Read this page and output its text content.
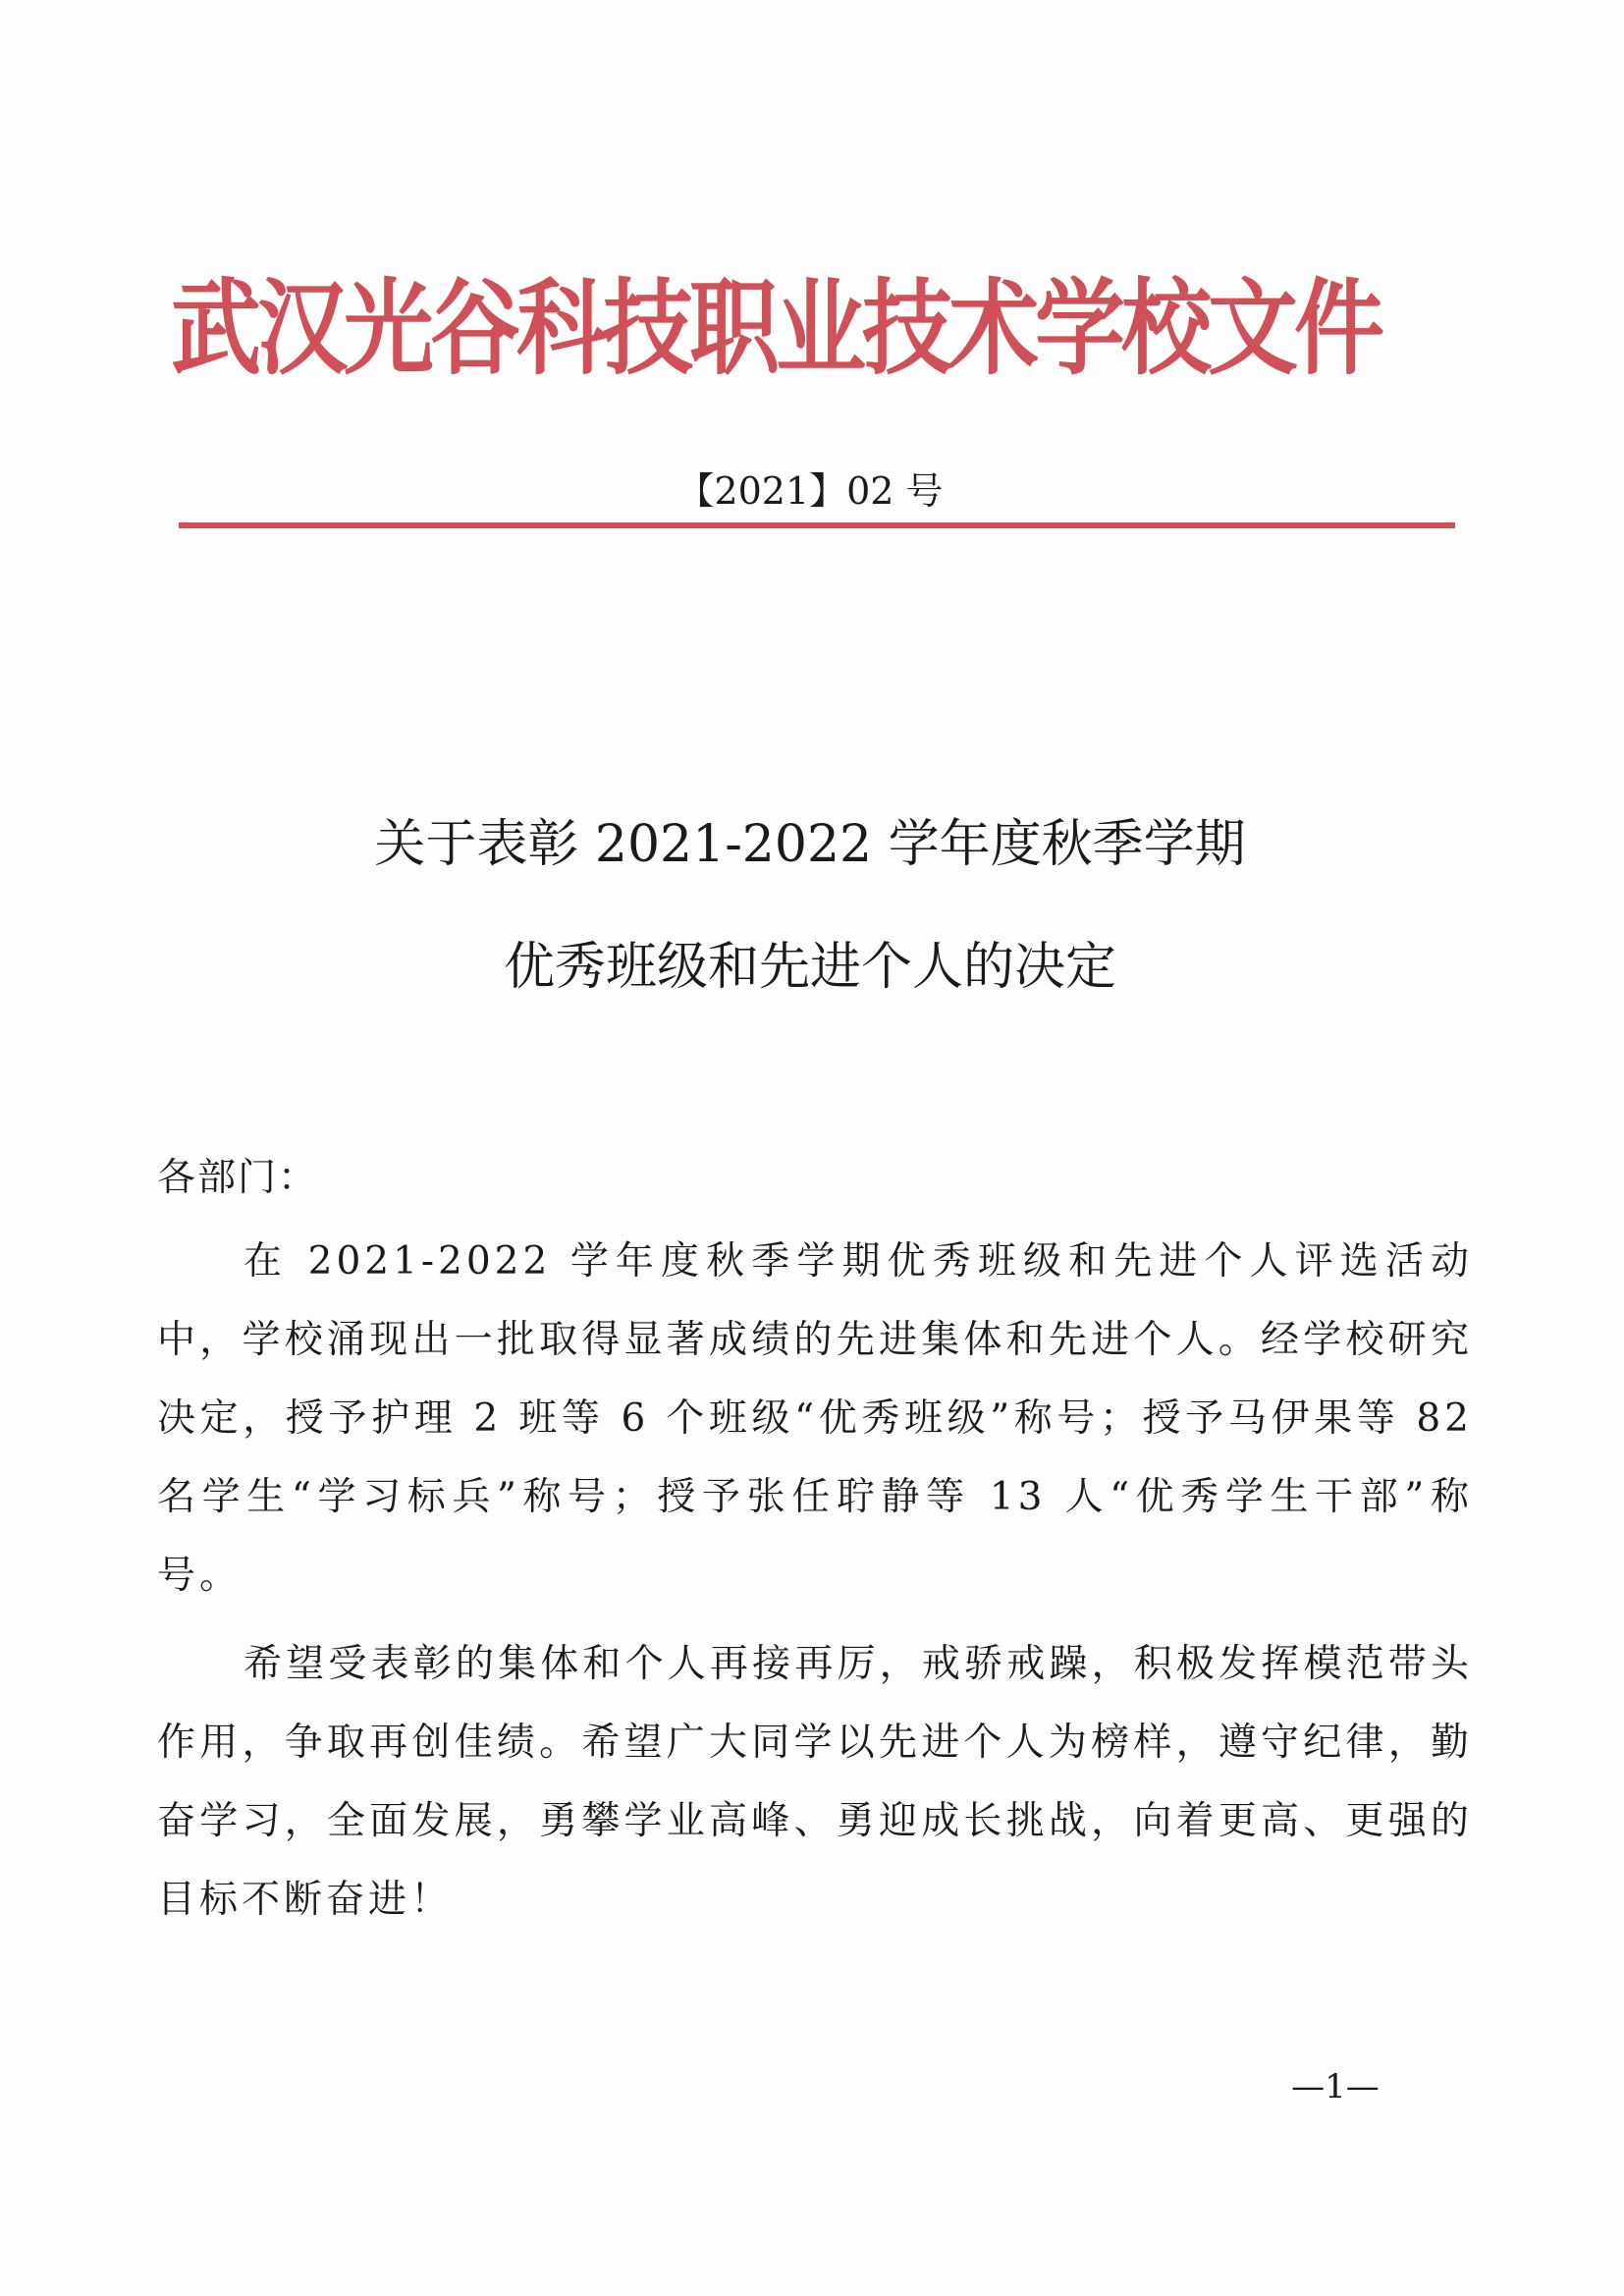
武汉光谷科技职业技术学校文件
【2021】02 号
关于表彰 2021-2022 学年度秋季学期
优秀班级和先进个人的决定
各部门：
在 2021-2022 学年度秋季学期优秀班级和先进个人评选活动中，学校涌现出一批取得显著成绩的先进集体和先进个人。经学校研究决定，授予护理 2 班等 6 个班级“优秀班级”称号；授予马伊果等 82 名学生“学习标兵”称号；授予张任聍静等 13 人“优秀学生干部”称号。
希望受表彰的集体和个人再接再厉，戒骄戒躁，积极发挥模范带头作用，争取再创佳绩。希望广大同学以先进个人为榜样，遵守纪律，勤奋学习，全面发展，勇攀学业高峰、勇迎成长挑战，向着更高、更强的目标不断奋进！
—1—
